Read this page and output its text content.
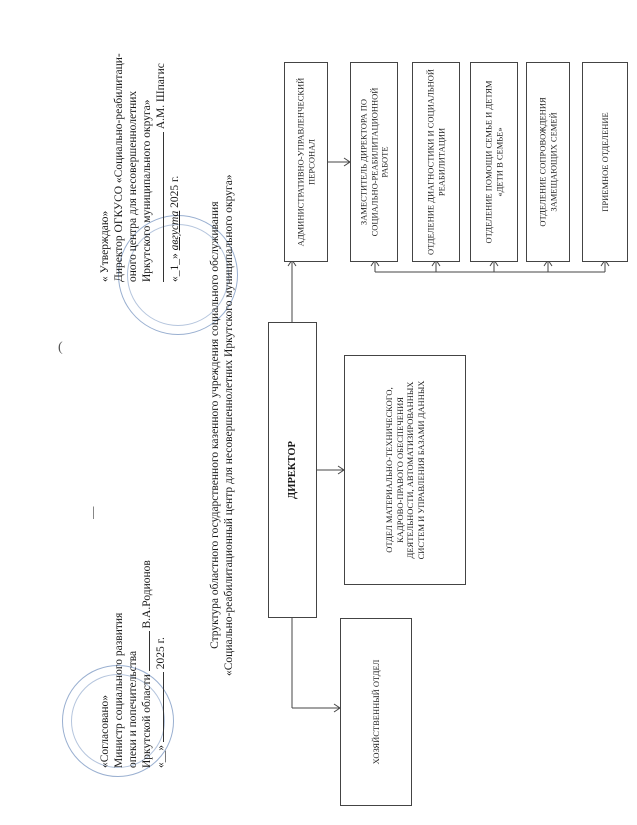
(
|
«Согласовано» Министр социального развития опеки и попечительства Иркутской области  В.А.Родионов
«__»  2025 г.
« Утверждаю» Директор ОГКУСО «Социально-реабилитаци- оного центра для несовершеннолетних Иркутского муниципального округа»
А.М. Шпагис
«_1_» августа 2025 г.
Структура областного государственного казенного учреждения социального обслуживания «Социально-реабилитационный центр для несовершеннолетних Иркутского муниципального округа»
АДМИНИСТРАТИВНО-УПРАВЛЕНЧЕСКИЙ ПЕРСОНАЛ	ЗАМЕСТИТЕЛЬ ДИРЕКТОРА ПО СОЦИАЛЬНО-РЕАБИЛИТАЦИОННОЙ РАБОТЕ	ОТДЕЛЕНИЕ ДИАГНОСТИКИ И СОЦИАЛЬНОЙ РЕАБИЛИТАЦИИ	ОТДЕЛЕНИЕ ПОМОЩИ СЕМЬЕ И ДЕТЯМ «ДЕТИ В СЕМЬЕ»	ОТДЕЛЕНИЕ СОПРОВОЖДЕНИЯ ЗАМЕЩАЮЩИХ СЕМЕЙ	ПРИЕМНОЕ ОТДЕЛЕНИЕ
ДИРЕКТОР	ОТДЕЛ МАТЕРИАЛЬНО-ТЕХНИЧЕСКОГО, КАДРОВО-ПРАВОГО ОБЕСПЕЧЕНИЯ ДЕЯТЕЛЬНОСТИ, АВТОМАТИЗИРОВАННЫХ СИСТЕМ И УПРАВЛЕНИЯ БАЗАМИ ДАННЫХ
ХОЗЯЙСТВЕННЫЙ ОТДЕЛ
